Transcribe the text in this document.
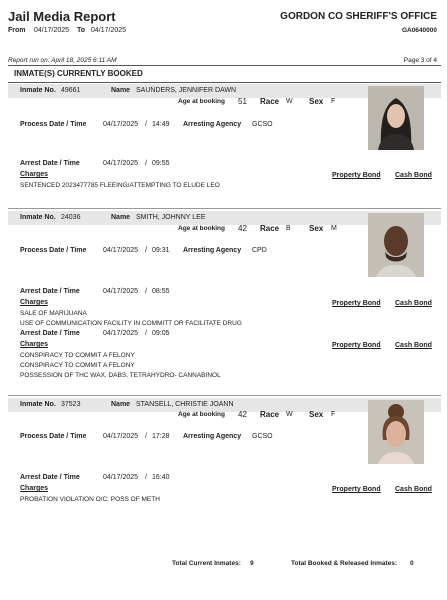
Jail Media Report
From 04/17/2025 To 04/17/2025
GORDON CO SHERIFF'S OFFICE
GA0640000
Report run on: April 18, 2025 6:11 AM	Page 3 of 4
INMATE(S) CURRENTLY BOOKED
Inmate No. 49661	Name SAUNDERS, JENNIFER DAWN
Age at booking 51 Race W Sex F
Process Date / Time 04/17/2025 / 14:49 Arresting Agency GCSO
Arrest Date / Time	04/17/2025 / 09:55
Charges	Property Bond Cash Bond
SENTENCED 2023477785 FLEEING/ATTEMPTING TO ELUDE LEO
Inmate No. 24036	Name SMITH, JOHNNY LEE
Age at booking 42 Race B Sex M
Process Date / Time 04/17/2025 / 09:31 Arresting Agency CPD
Arrest Date / Time	04/17/2025 / 08:55
Charges	Property Bond Cash Bond
SALE OF MARIJUANA
USE OF COMMUNICATION FACILITY IN COMMITT OR FACILITATE DRUG
Arrest Date / Time	04/17/2025 / 09:05
Charges	Property Bond Cash Bond
CONSPIRACY TO COMMIT A FELONY
CONSPIRACY TO COMMIT A FELONY
POSSESSION OF THC WAX, DABS, TETRAHYDRO- CANNABINOL
Inmate No. 37523	Name STANSELL, CHRISTIE JOANN
Age at booking 42 Race W Sex F
Process Date / Time 04/17/2025 / 17:28 Arresting Agency GCSO
Arrest Date / Time	04/17/2025 / 16:40
Charges	Property Bond Cash Bond
PROBATION VIOLATION O/C: POSS OF METH
Total Current Inmates: 9	Total Booked & Released Inmates: 0
